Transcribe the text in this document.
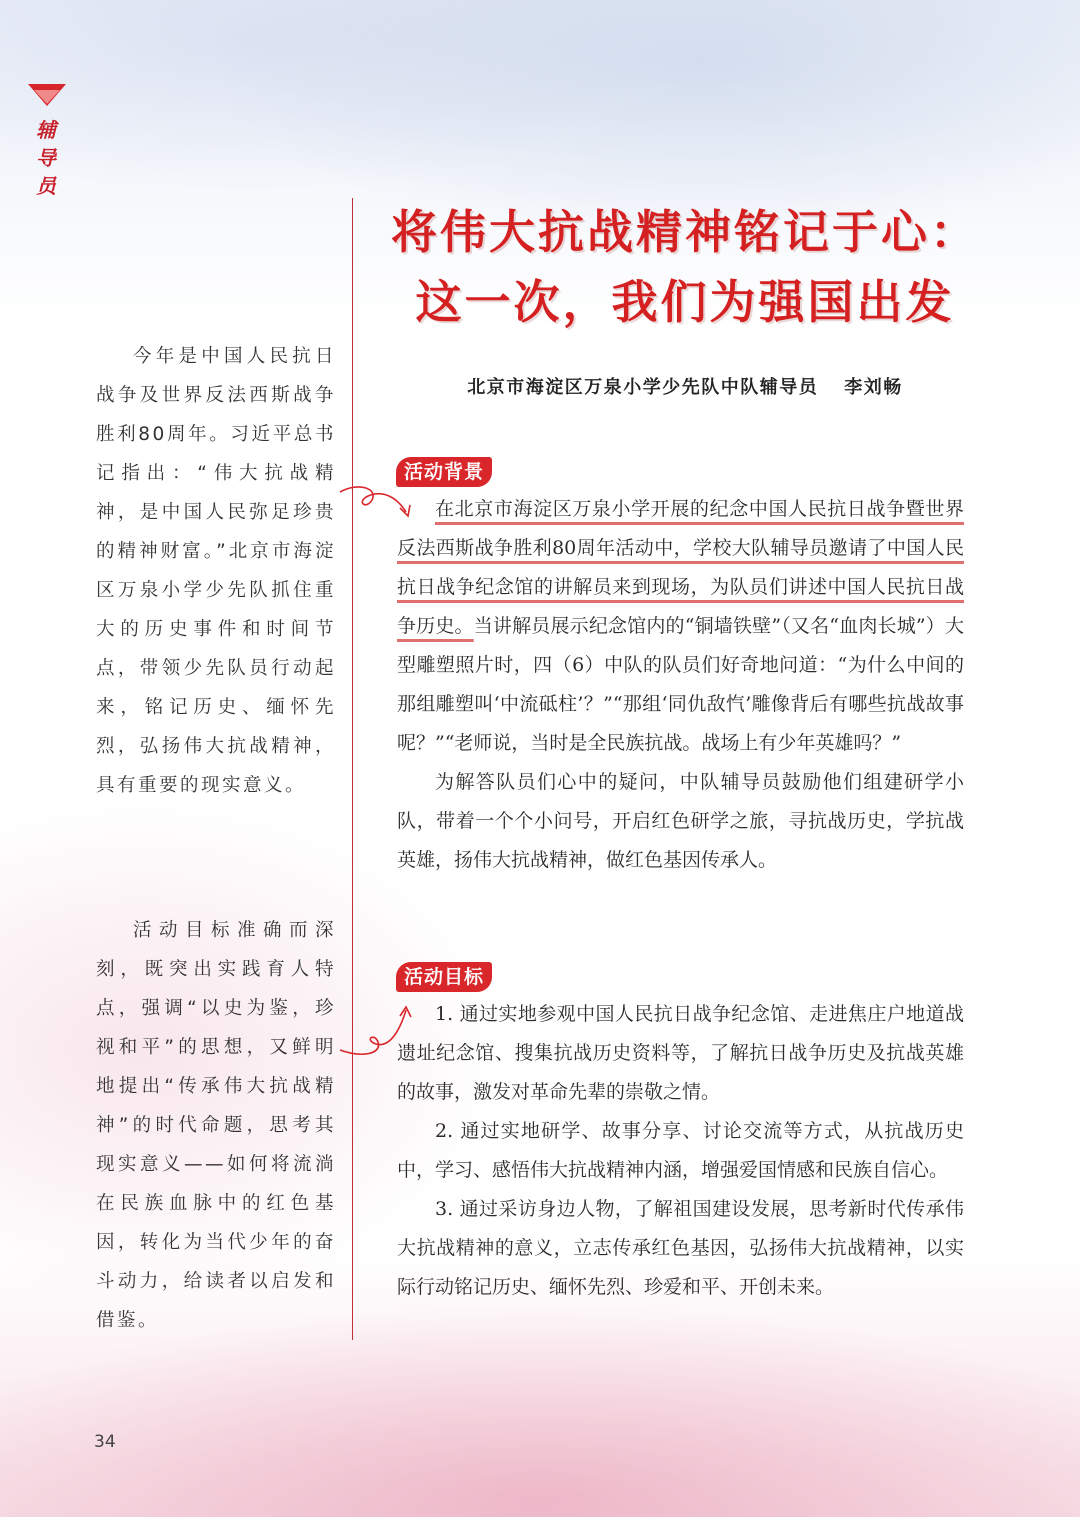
辅导员

今年是中国人民抗日战争及世界反法西斯战争胜利80周年。习近平总书记指出：“伟大抗战精神，是中国人民弥足珍贵的精神财富。”北京市海淀区万泉小学少先队抓住重大的历史事件和时间节点，带领少先队员行动起来，铭记历史、缅怀先烈，弘扬伟大抗战精神，具有重要的现实意义。

活动目标准确而深刻，既突出实践育人特点，强调“以史为鉴，珍视和平”的思想，又鲜明地提出“传承伟大抗战精神”的时代命题，思考其现实意义——如何将流淌在民族血脉中的红色基因，转化为当代少年的奋斗动力，给读者以启发和借鉴。

将伟大抗战精神铭记于心：
这一次，我们为强国出发
北京市海淀区万泉小学少先队中队辅导员 李刘畅
活动背景

在北京市海淀区万泉小学开展的纪念中国人民抗日战争暨世界反法西斯战争胜利80周年活动中，学校大队辅导员邀请了中国人民抗日战争纪念馆的讲解员来到现场，为队员们讲述中国人民抗日战争历史。当讲解员展示纪念馆内的“铜墙铁壁”（又名“血肉长城”）大型雕塑照片时，四（6）中队的队员们好奇地问道：“为什么中间的那组雕塑叫‘中流砥柱’？”“那组‘同仇敌忾’雕像背后有哪些抗战故事呢？”“老师说，当时是全民族抗战。战场上有少年英雄吗？”

为解答队员们心中的疑问，中队辅导员鼓励他们组建研学小队，带着一个个小问号，开启红色研学之旅，寻抗战历史，学抗战英雄，扬伟大抗战精神，做红色基因传承人。

活动目标

1. 通过实地参观中国人民抗日战争纪念馆、走进焦庄户地道战遗址纪念馆、搜集抗战历史资料等，了解抗日战争历史及抗战英雄的故事，激发对革命先辈的崇敬之情。

2. 通过实地研学、故事分享、讨论交流等方式，从抗战历史中，学习、感悟伟大抗战精神内涵，增强爱国情感和民族自信心。

3. 通过采访身边人物，了解祖国建设发展，思考新时代传承伟大抗战精神的意义，立志传承红色基因，弘扬伟大抗战精神，以实际行动铭记历史、缅怀先烈、珍爱和平、开创未来。

34
